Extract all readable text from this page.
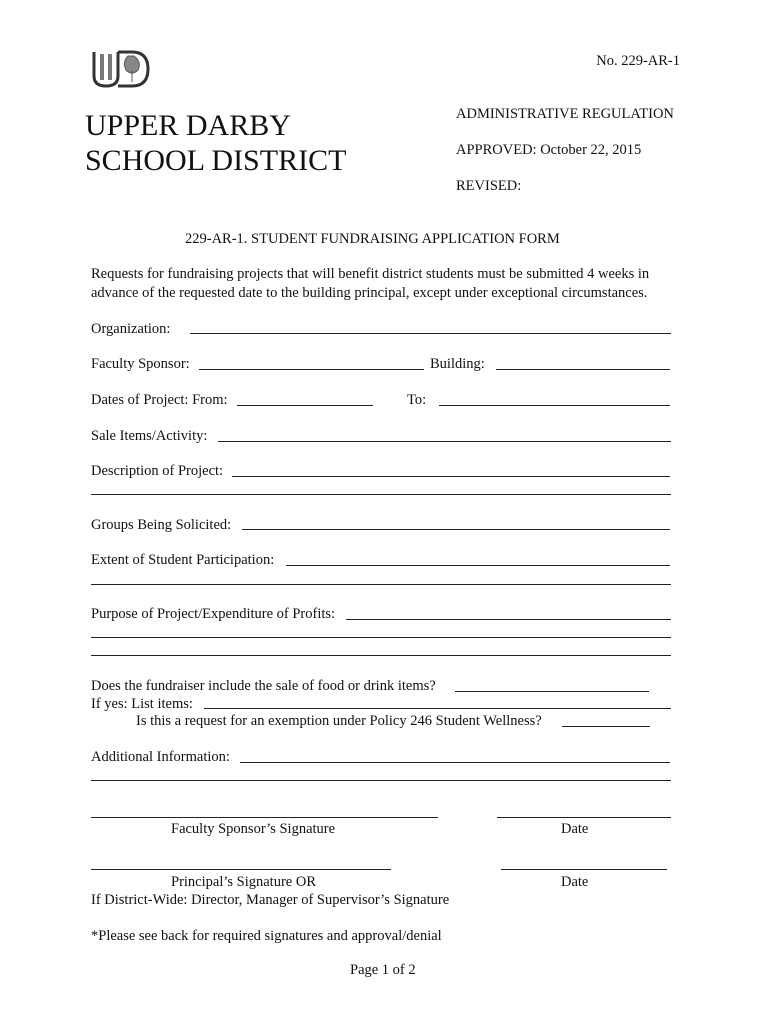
No. 229-AR-1
UPPER DARBY
SCHOOL DISTRICT
ADMINISTRATIVE REGULATION
APPROVED: October 22, 2015
REVISED:
229-AR-1. STUDENT FUNDRAISING APPLICATION FORM
Requests for fundraising projects that will benefit district students must be submitted 4 weeks in
advance of the requested date to the building principal, except under exceptional circumstances.
Organization:
Faculty Sponsor:	Building:
Dates of Project: From:	To:
Sale Items/Activity:
Description of Project:
Groups Being Solicited:
Extent of Student Participation:
Purpose of Project/Expenditure of Profits:
Does the fundraiser include the sale of food or drink items?
If yes: List items:
Is this a request for an exemption under Policy 246 Student Wellness?
Additional Information:
Faculty Sponsor’s Signature	Date
Principal’s Signature OR	Date
If District-Wide: Director, Manager of Supervisor’s Signature
*Please see back for required signatures and approval/denial
Page 1 of 2
